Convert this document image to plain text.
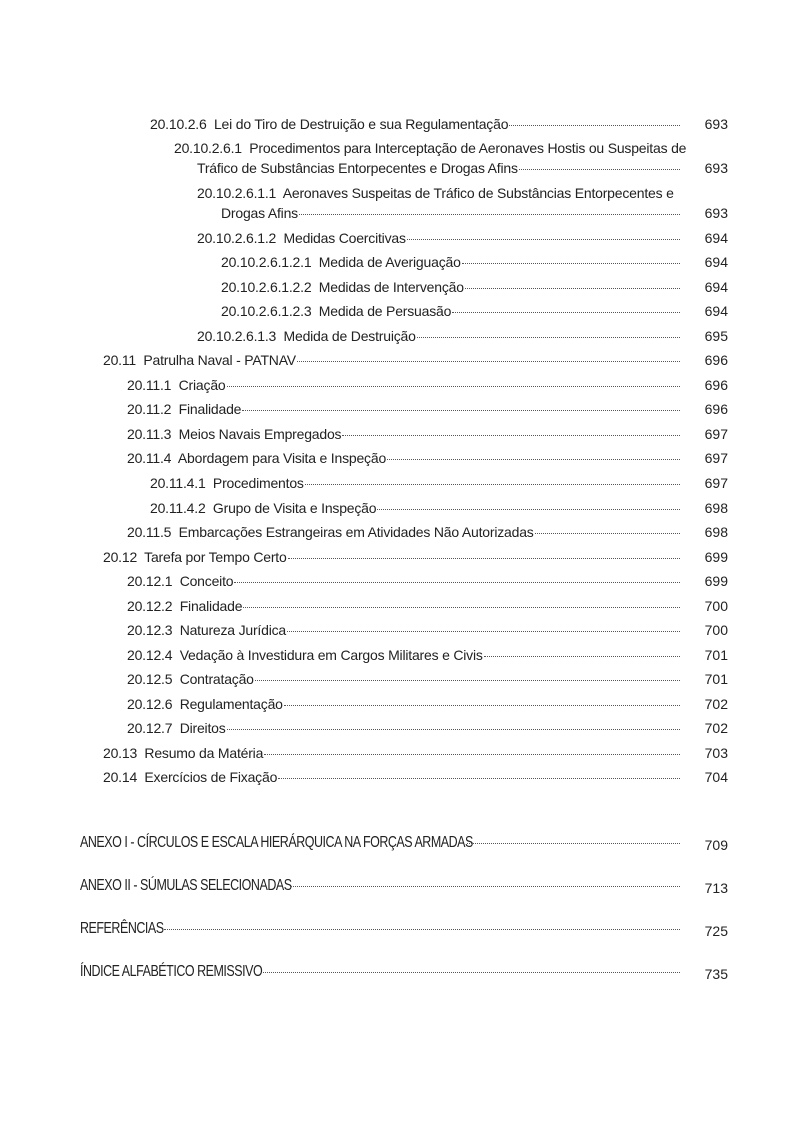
20.10.2.6  Lei do Tiro de Destruição e sua Regulamentação	693
20.10.2.6.1  Procedimentos para Interceptação de Aeronaves Hostis ou Suspeitas de
Tráfico de Substâncias Entorpecentes e Drogas Afins	693
20.10.2.6.1.1  Aeronaves Suspeitas de Tráfico de Substâncias Entorpecentes e
Drogas Afins	693
20.10.2.6.1.2  Medidas Coercitivas	694
20.10.2.6.1.2.1  Medida de Averiguação	694
20.10.2.6.1.2.2  Medidas de Intervenção	694
20.10.2.6.1.2.3  Medida de Persuasão	694
20.10.2.6.1.3  Medida de Destruição	695
20.11  Patrulha Naval - PATNAV	696
20.11.1  Criação	696
20.11.2  Finalidade	696
20.11.3  Meios Navais Empregados	697
20.11.4  Abordagem para Visita e Inspeção	697
20.11.4.1  Procedimentos	697
20.11.4.2  Grupo de Visita e Inspeção	698
20.11.5  Embarcações Estrangeiras em Atividades Não Autorizadas	698
20.12  Tarefa por Tempo Certo	699
20.12.1  Conceito	699
20.12.2  Finalidade	700
20.12.3  Natureza Jurídica	700
20.12.4  Vedação à Investidura em Cargos Militares e Civis	701
20.12.5  Contratação	701
20.12.6  Regulamentação	702
20.12.7  Direitos	702
20.13  Resumo da Matéria	703
20.14  Exercícios de Fixação	704
ANEXO I - CÍRCULOS E ESCALA HIERÁRQUICA NA FORÇAS ARMADAS	709
ANEXO II - SÚMULAS SELECIONADAS	713
REFERÊNCIAS	725
ÍNDICE ALFABÉTICO REMISSIVO	735
